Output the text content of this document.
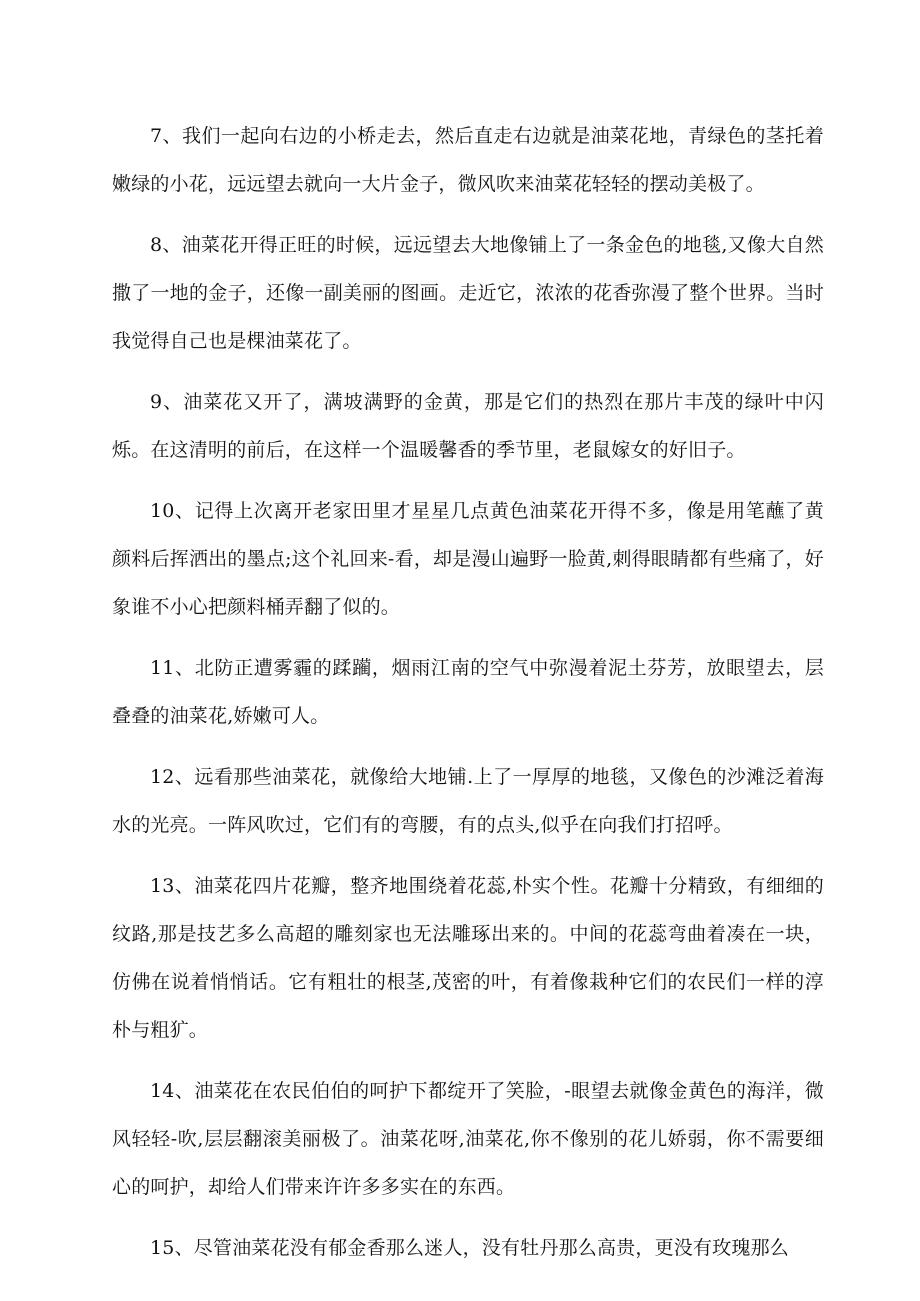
7、我们一起向右边的小桥走去，然后直走右边就是油菜花地，青绿色的茎托着嫩绿的小花，远远望去就向一大片金子，微风吹来油菜花轻轻的摆动美极了。

8、油菜花开得正旺的时候，远远望去大地像铺上了一条金色的地毯,又像大自然撒了一地的金子，还像一副美丽的图画。走近它，浓浓的花香弥漫了整个世界。当时我觉得自己也是棵油菜花了。

9、油菜花又开了，满坡满野的金黄，那是它们的热烈在那片丰茂的绿叶中闪烁。在这清明的前后，在这样一个温暖馨香的季节里，老鼠嫁女的好旧子。

10、记得上次离开老家田里才星星几点黄色油菜花开得不多，像是用笔蘸了黄颜料后挥洒出的墨点;这个礼回来-看，却是漫山遍野一脸黄,刺得眼睛都有些痛了，好象谁不小心把颜料桶弄翻了似的。

11、北防正遭雾霾的蹂躏，烟雨江南的空气中弥漫着泥土芬芳，放眼望去，层叠叠的油菜花,娇嫩可人。

12、远看那些油菜花，就像给大地铺.上了一厚厚的地毯，又像色的沙滩泛着海水的光亮。一阵风吹过，它们有的弯腰，有的点头,似乎在向我们打招呼。

13、油菜花四片花瓣，整齐地围绕着花蕊,朴实个性。花瓣十分精致，有细细的纹路,那是技艺多么高超的雕刻家也无法雕琢出来的。中间的花蕊弯曲着凑在一块，仿佛在说着悄悄话。它有粗壮的根茎,茂密的叶，有着像栽种它们的农民们一样的淳朴与粗犷。

14、油菜花在农民伯伯的呵护下都绽开了笑脸，-眼望去就像金黄色的海洋，微风轻轻-吹,层层翻滚美丽极了。油菜花呀,油菜花,你不像别的花儿娇弱，你不需要细心的呵护，却给人们带来许许多多实在的东西。

15、尽管油菜花没有郁金香那么迷人，没有牡丹那么高贵，更没有玫瑰那么
